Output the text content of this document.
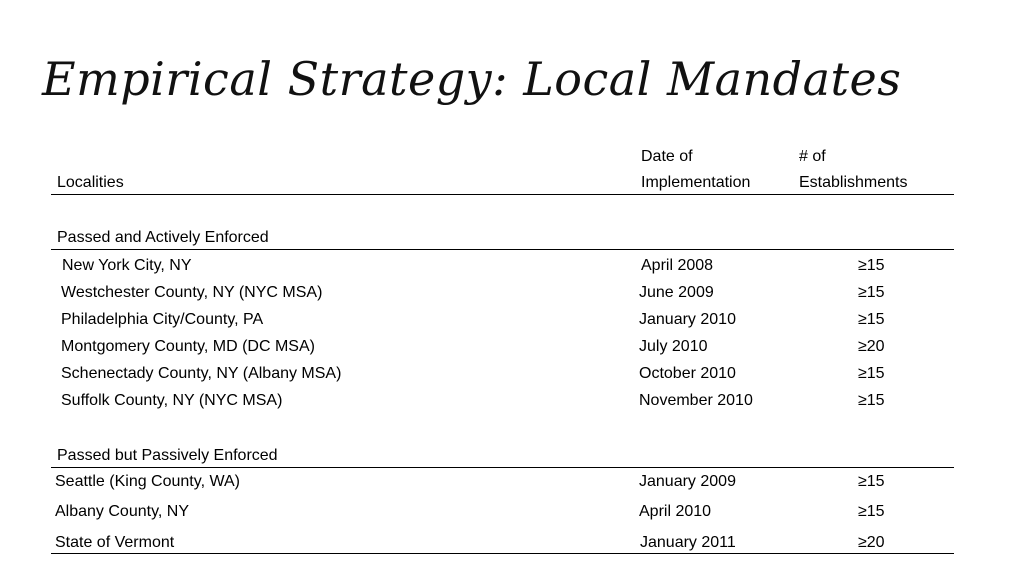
Empirical Strategy: Local Mandates
Date of	# of
Localities	Implementation	Establishments
Passed and Actively Enforced
New York City, NY	April 2008	≥15
Westchester County, NY (NYC MSA)	June 2009	≥15
Philadelphia City/County, PA	January 2010	≥15
Montgomery County, MD (DC MSA)	July 2010	≥20
Schenectady County, NY (Albany MSA)	October 2010	≥15
Suffolk County, NY (NYC MSA)	November 2010	≥15
Passed but Passively Enforced
Seattle (King County, WA)	January 2009	≥15
Albany County, NY	April 2010	≥15
State of Vermont	January 2011	≥20
